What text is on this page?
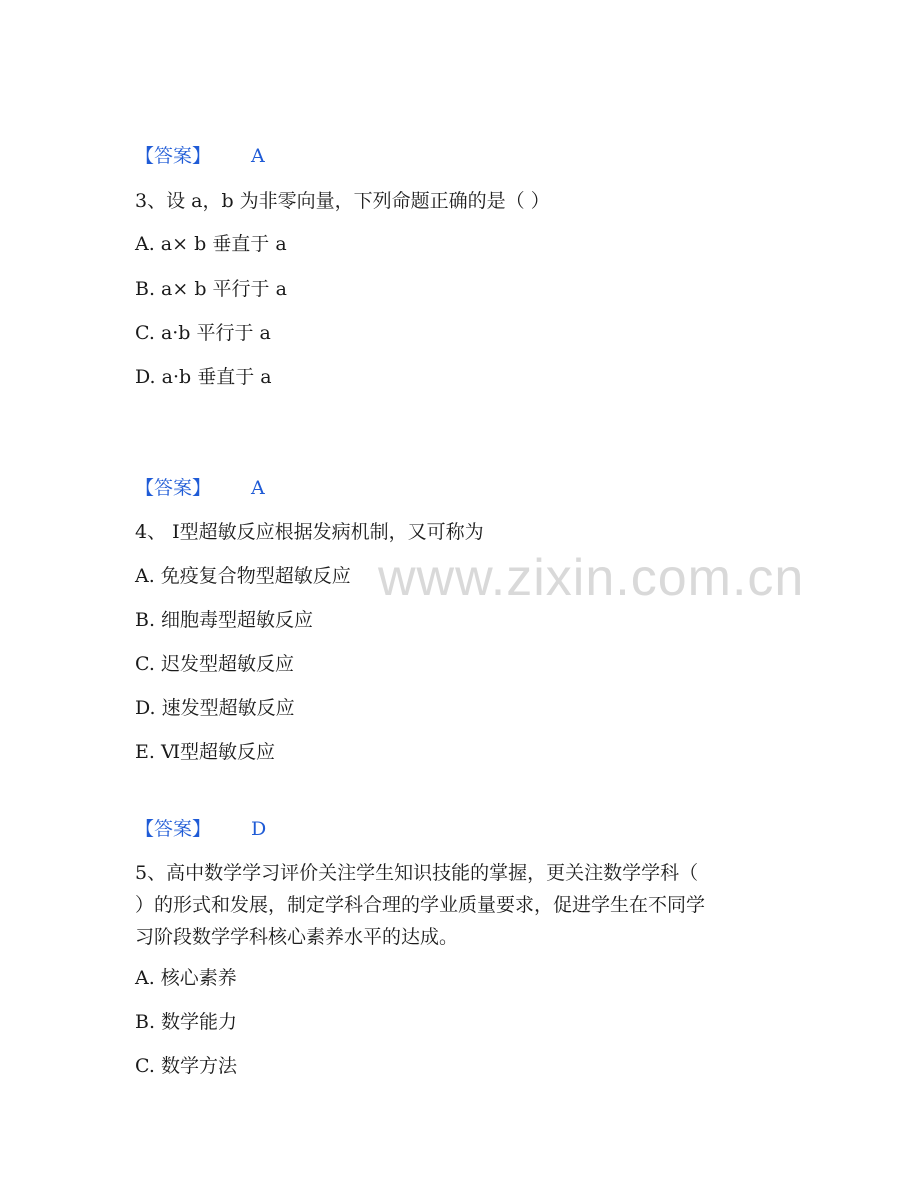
www.zixin.com.cn
【答案】 A
3、设 a，b 为非零向量，下列命题正确的是（ ）
A. a× b 垂直于 a
B. a× b 平行于 a
C. a·b 平行于 a
D. a·b 垂直于 a
【答案】 A
4、 Ⅰ型超敏反应根据发病机制，又可称为
A. 免疫复合物型超敏反应
B. 细胞毒型超敏反应
C. 迟发型超敏反应
D. 速发型超敏反应
E. Ⅵ型超敏反应
【答案】 D
5、高中数学学习评价关注学生知识技能的掌握，更关注数学学科（
）的形式和发展，制定学科合理的学业质量要求，促进学生在不同学
习阶段数学学科核心素养水平的达成。
A. 核心素养
B. 数学能力
C. 数学方法
